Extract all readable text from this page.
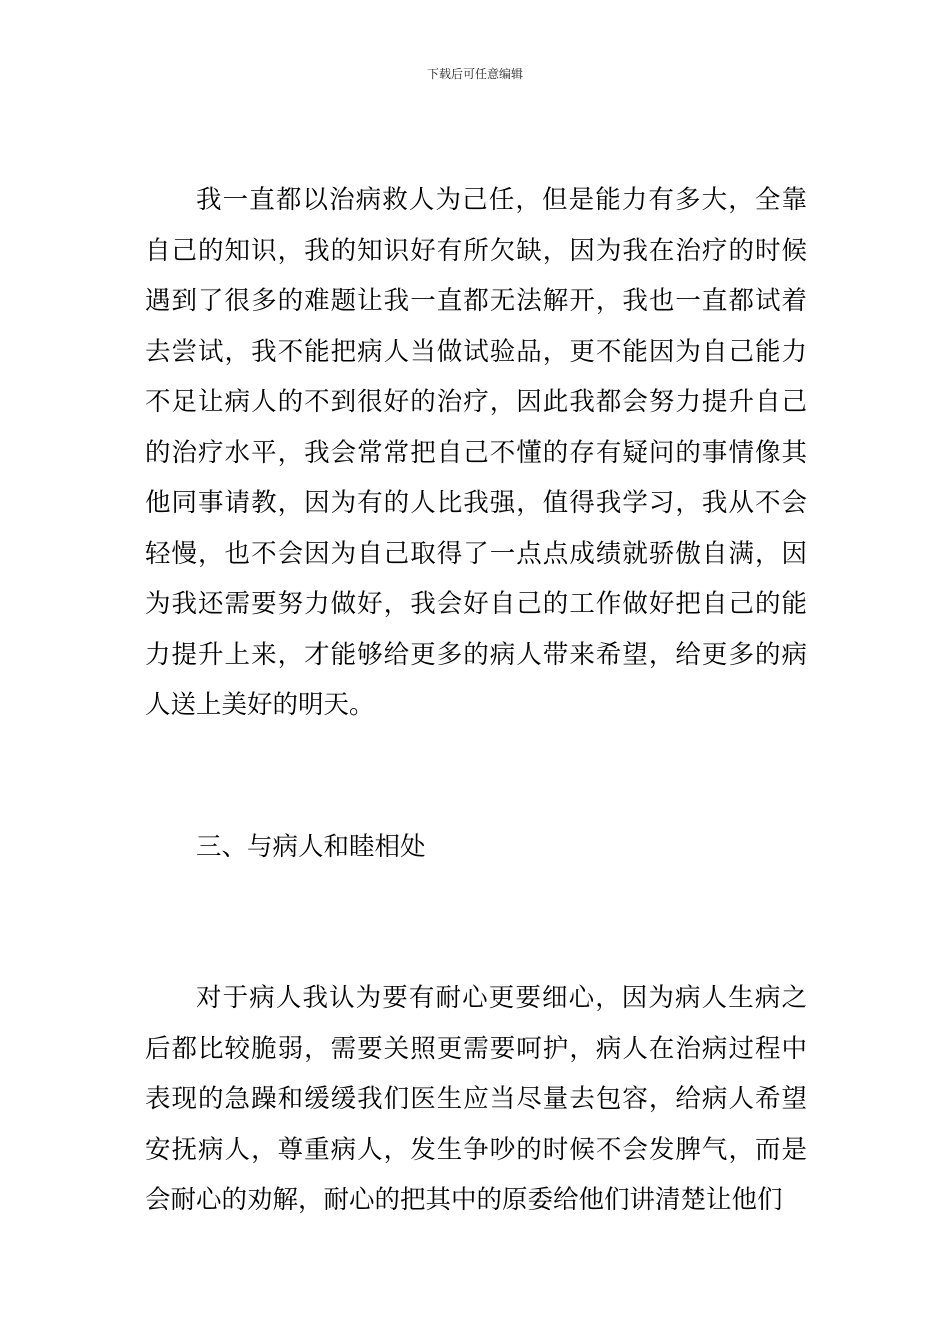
下载后可任意编辑

我一直都以治病救人为己任，但是能力有多大，全靠自己的知识，我的知识好有所欠缺，因为我在治疗的时候遇到了很多的难题让我一直都无法解开，我也一直都试着去尝试，我不能把病人当做试验品，更不能因为自己能力不足让病人的不到很好的治疗，因此我都会努力提升自己的治疗水平，我会常常把自己不懂的存有疑问的事情像其他同事请教，因为有的人比我强，值得我学习，我从不会轻慢，也不会因为自己取得了一点点成绩就骄傲自满，因为我还需要努力做好，我会好自己的工作做好把自己的能力提升上来，才能够给更多的病人带来希望，给更多的病人送上美好的明天。

三、与病人和睦相处

对于病人我认为要有耐心更要细心，因为病人生病之后都比较脆弱，需要关照更需要呵护，病人在治病过程中表现的急躁和缓缓我们医生应当尽量去包容，给病人希望安抚病人，尊重病人，发生争吵的时候不会发脾气，而是会耐心的劝解，耐心的把其中的原委给他们讲清楚让他们
